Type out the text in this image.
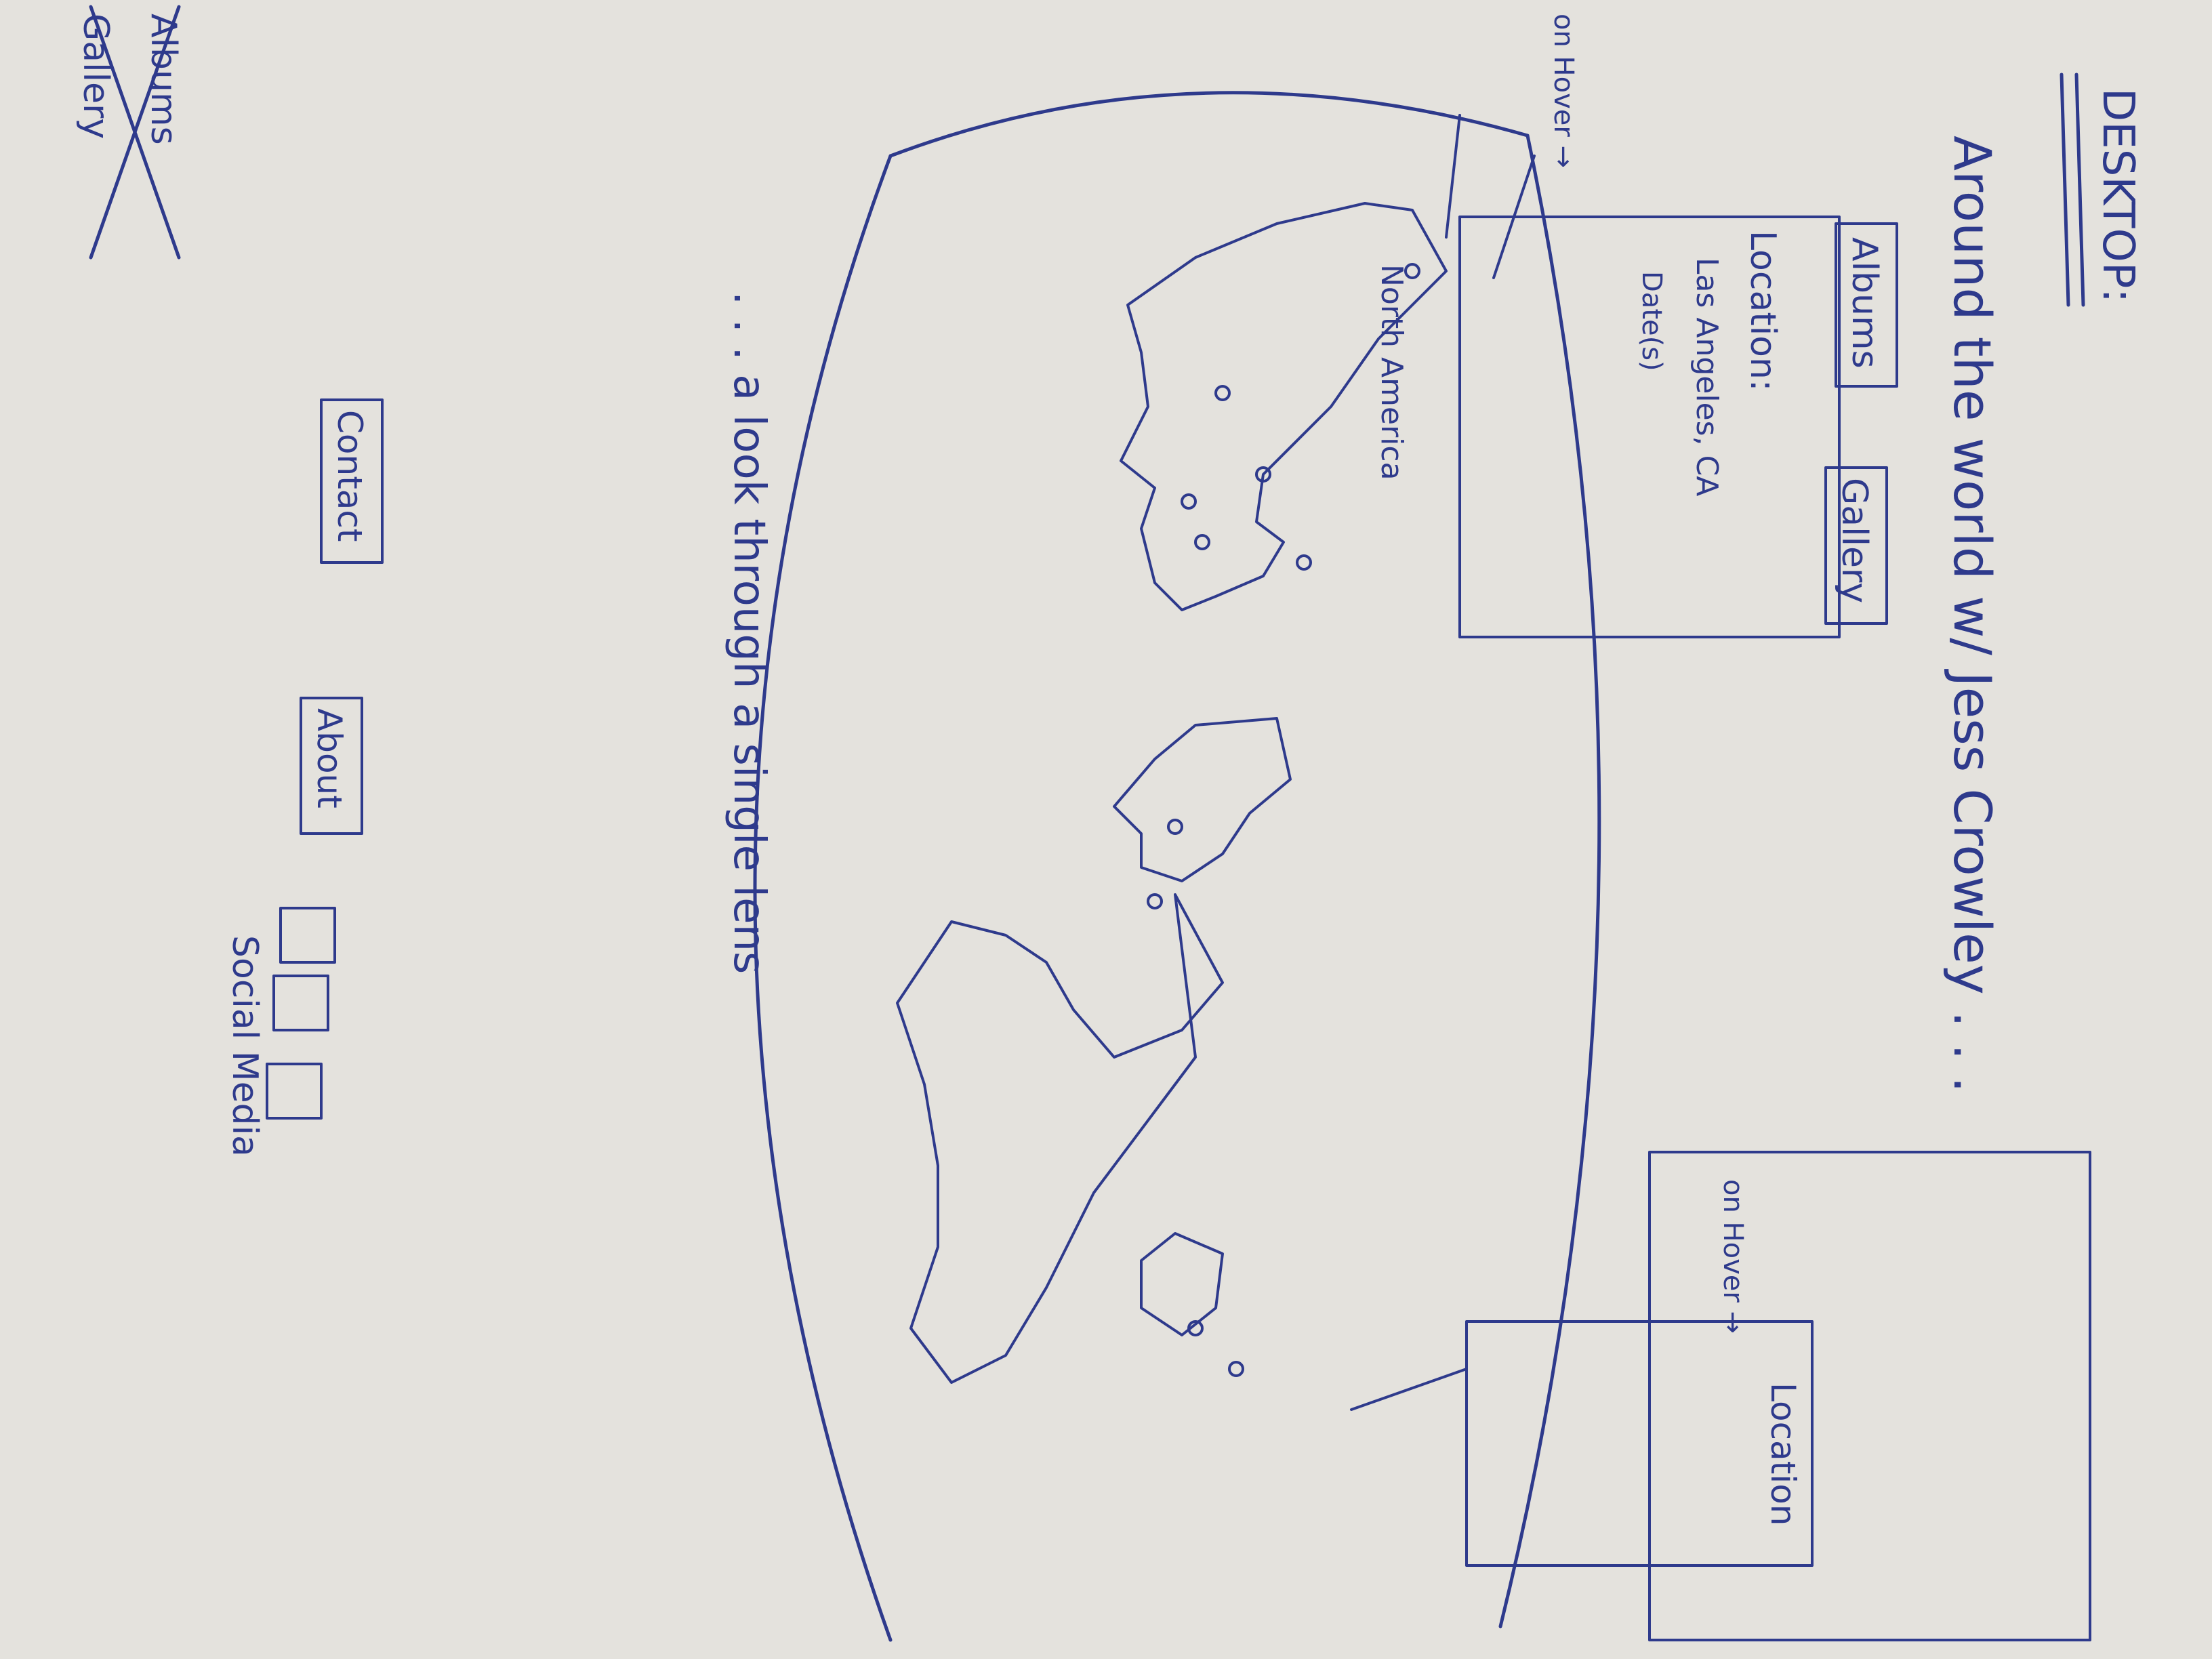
DESKTOP:
Around the world w/ Jess Crowley . . .
Albums
Gallery
on Hover →
Location:
Las Angeles, CA
Date(s)
North America
. . . a look through a single lens
Contact
About
Social Media
Albums
Gallery
on Hover →
Location
